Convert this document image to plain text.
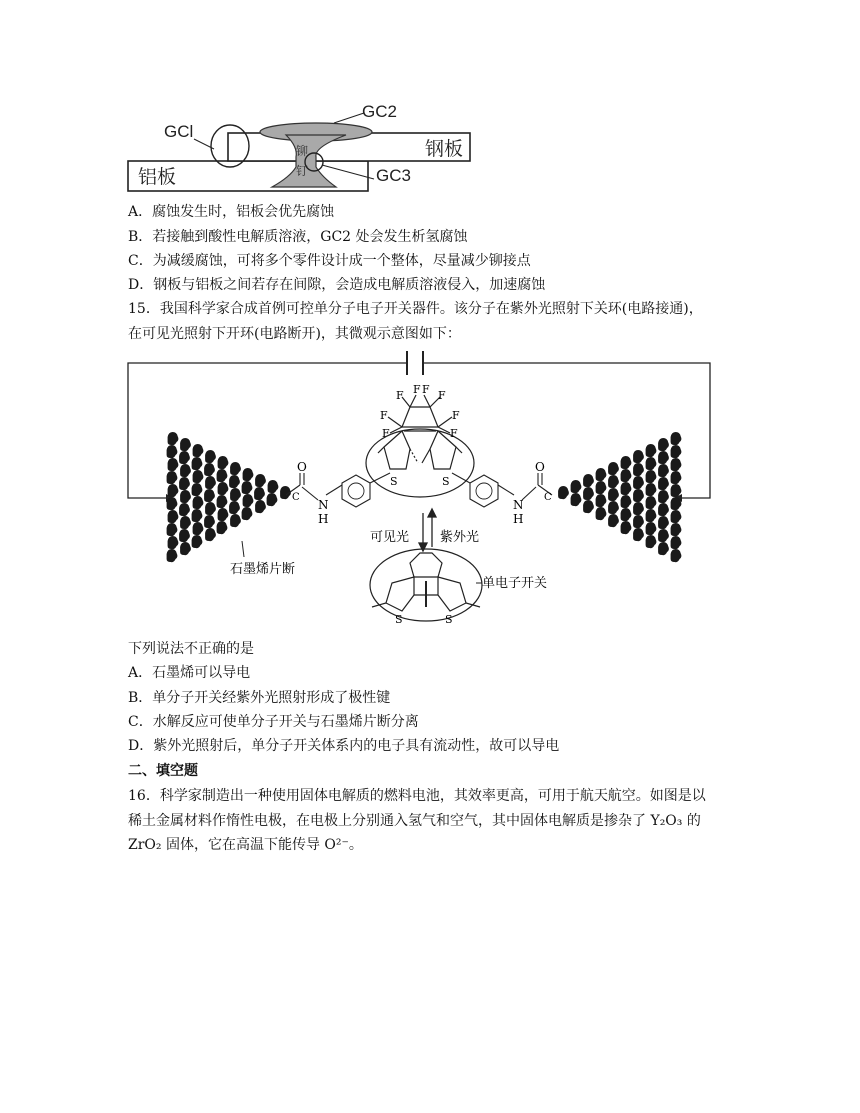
铆
钉
GCl
GC2
GC3
钢板
铝板
A．腐蚀发生时，铝板会优先腐蚀
B．若接触到酸性电解质溶液，GC2 处会发生析氢腐蚀
C．为减缓腐蚀，可将多个零件设计成一个整体，尽量减少铆接点
D．钢板与铝板之间若存在间隙，会造成电解质溶液侵入，加速腐蚀
15．我国科学家合成首例可控单分子电子开关器件。该分子在紫外光照射下关环(电路接通)，
在可见光照射下开环(电路断开)，其微观示意图如下：
O
C
N
H
O
C
N
H
F F F F
F	F
F	F
S	S
可见光 紫外光
S	S
单电子开关
石墨烯片断
下列说法不正确的是
A．石墨烯可以导电
B．单分子开关经紫外光照射形成了极性键
C．水解反应可使单分子开关与石墨烯片断分离
D．紫外光照射后，单分子开关体系内的电子具有流动性，故可以导电
二、填空题
16．科学家制造出一种使用固体电解质的燃料电池，其效率更高，可用于航天航空。如图是以
稀土金属材料作惰性电极，在电极上分别通入氢气和空气，其中固体电解质是掺杂了 Y₂O₃ 的
ZrO₂ 固体，它在高温下能传导 O²⁻。
